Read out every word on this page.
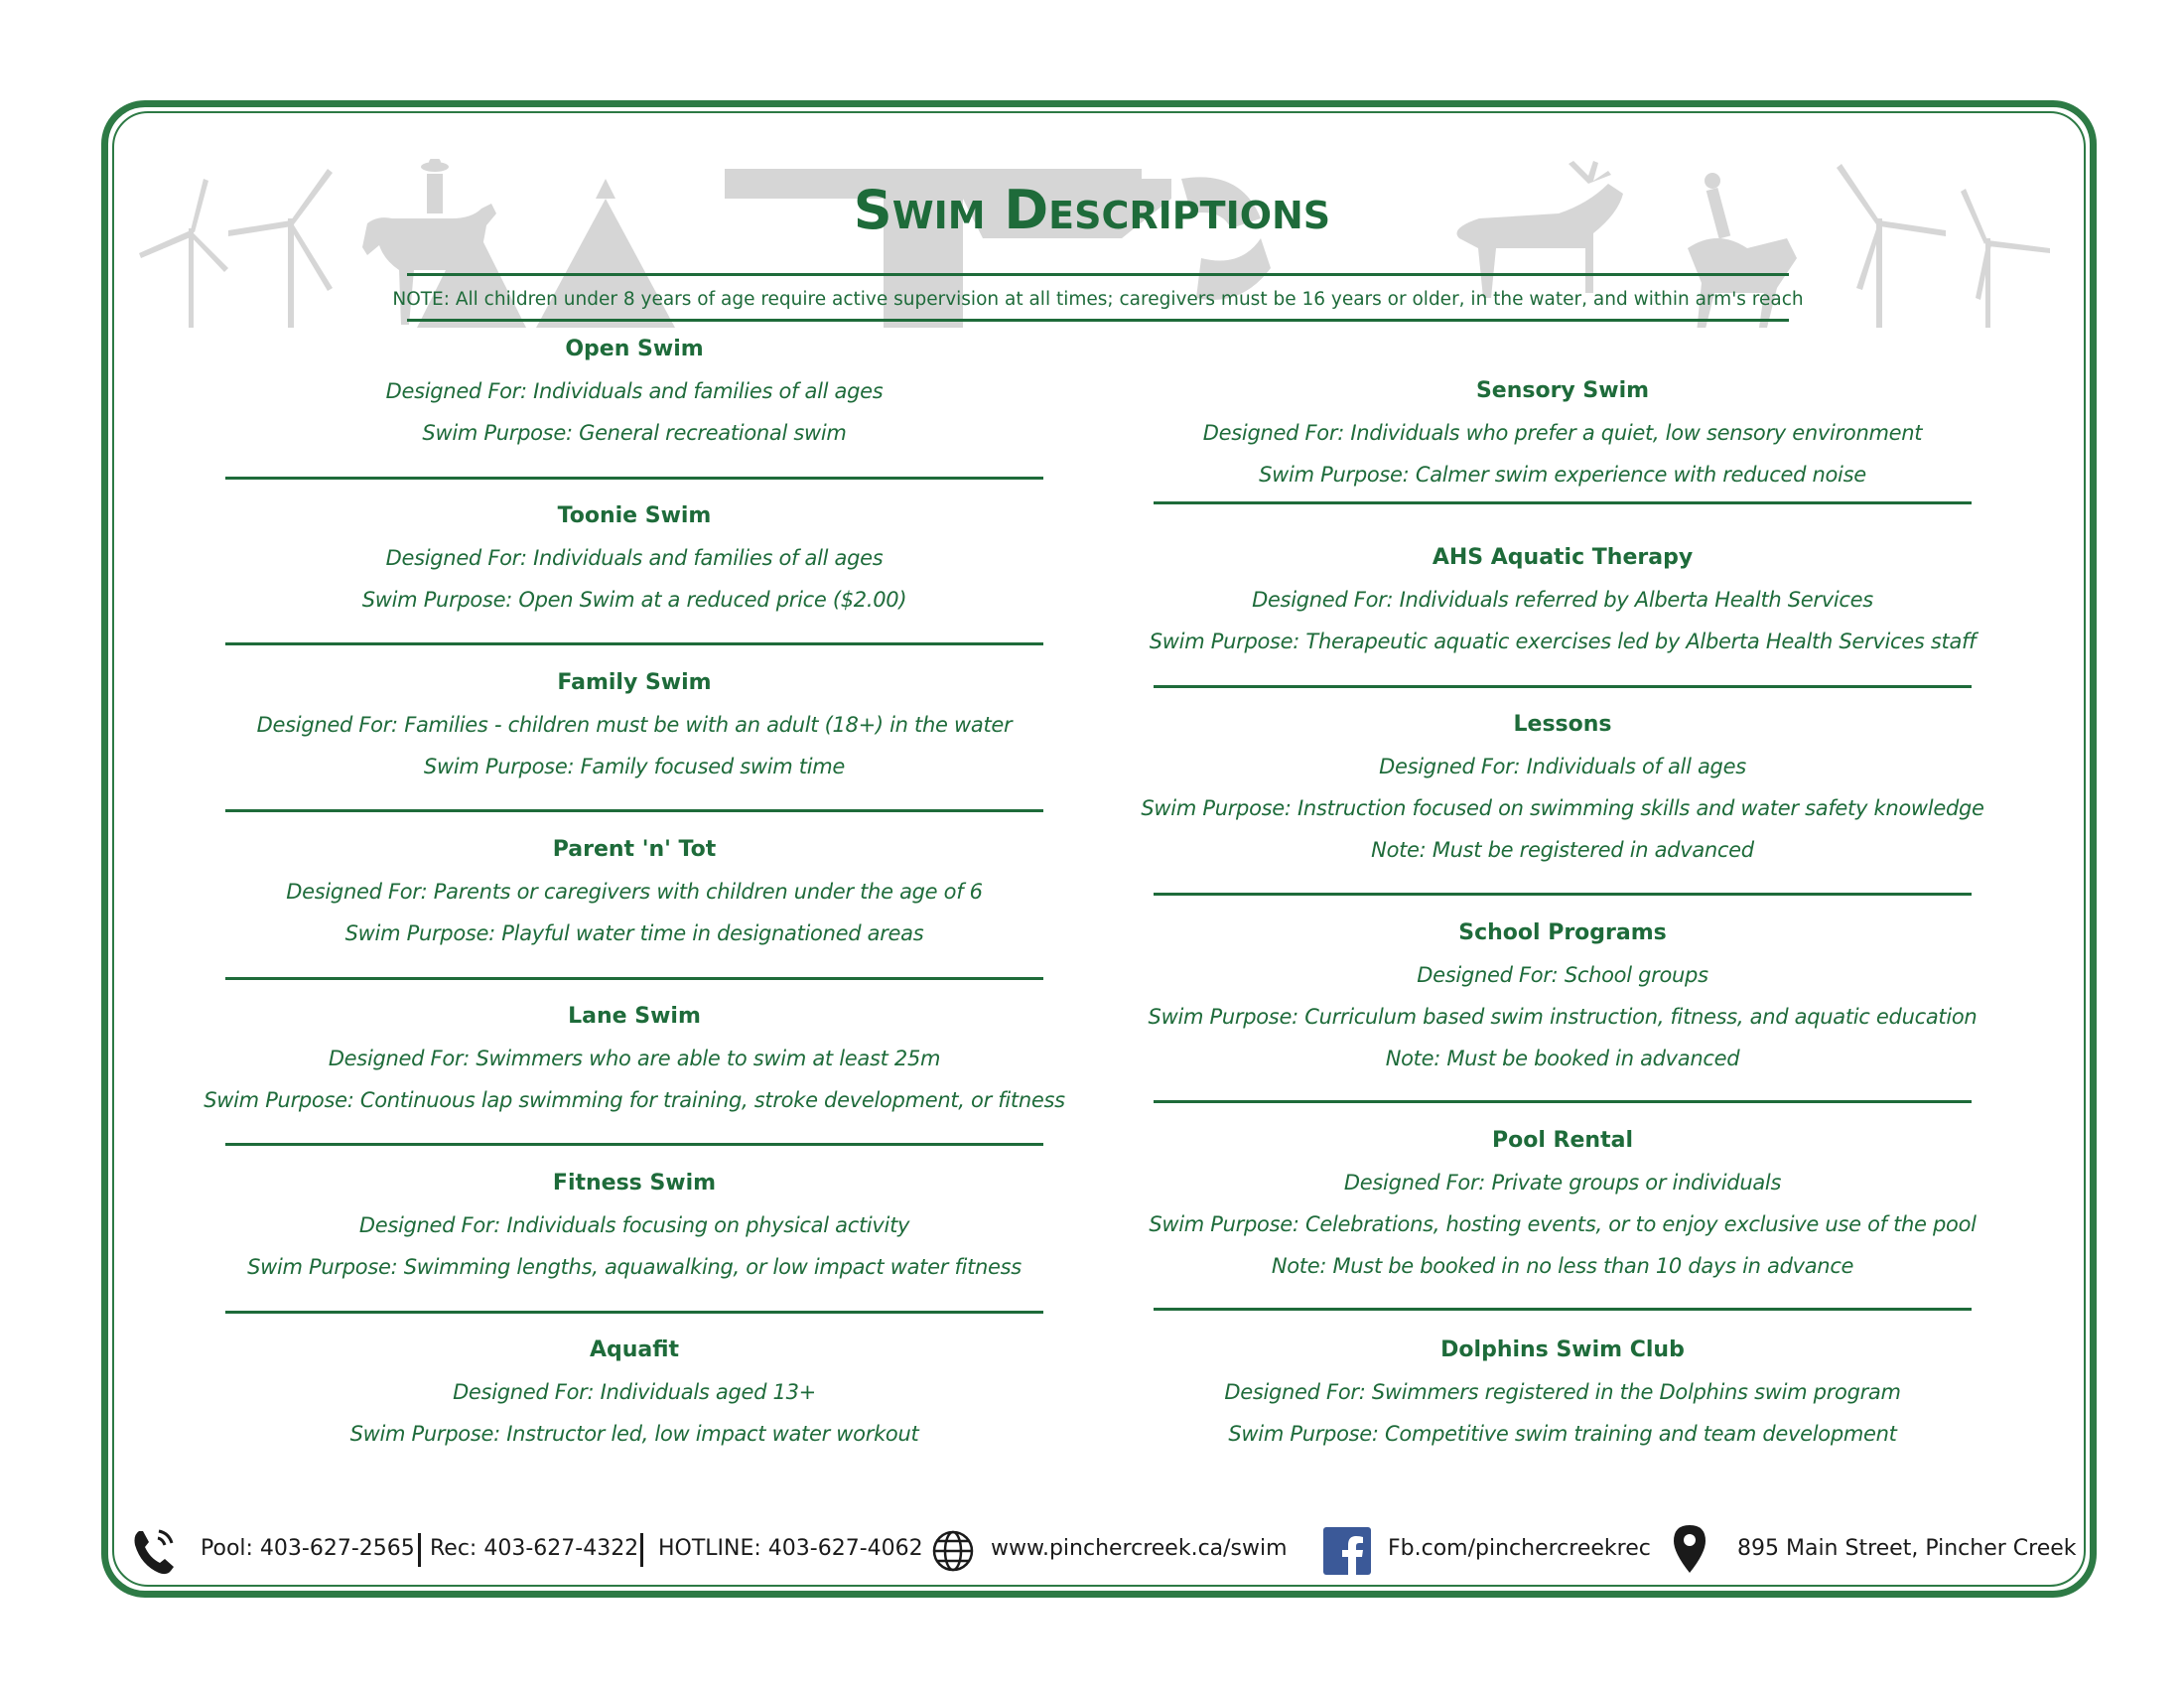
Swim Descriptions
NOTE: All children under 8 years of age require active supervision at all times; caregivers must be 16 years or older, in the water, and within arm's reach
Open Swim
Designed For: Individuals and families of all ages
Swim Purpose: General recreational swim
Toonie Swim
Designed For: Individuals and families of all ages
Swim Purpose: Open Swim at a reduced price ($2.00)
Family Swim
Designed For: Families - children must be with an adult (18+) in the water
Swim Purpose: Family focused swim time
Parent 'n' Tot
Designed For: Parents or caregivers with children under the age of 6
Swim Purpose: Playful water time in designationed areas
Lane Swim
Designed For: Swimmers who are able to swim at least 25m
Swim Purpose: Continuous lap swimming for training, stroke development, or fitness
Fitness Swim
Designed For: Individuals focusing on physical activity
Swim Purpose: Swimming lengths, aquawalking, or low impact water fitness
Aquafit
Designed For: Individuals aged 13+
Swim Purpose: Instructor led, low impact water workout
Sensory Swim
Designed For: Individuals who prefer a quiet, low sensory environment
Swim Purpose: Calmer swim experience with reduced noise
AHS Aquatic Therapy
Designed For: Individuals referred by Alberta Health Services
Swim Purpose: Therapeutic aquatic exercises led by Alberta Health Services staff
Lessons
Designed For: Individuals of all ages
Swim Purpose: Instruction focused on swimming skills and water safety knowledge
Note: Must be registered in advanced
School Programs
Designed For: School groups
Swim Purpose: Curriculum based swim instruction, fitness, and aquatic education
Note: Must be booked in advanced
Pool Rental
Designed For: Private groups or individuals
Swim Purpose: Celebrations, hosting events, or to enjoy exclusive use of the pool
Note: Must be booked in no less than 10 days in advance
Dolphins Swim Club
Designed For: Swimmers registered in the Dolphins swim program
Swim Purpose: Competitive swim training and team development
Pool: 403-627-2565 Rec: 403-627-4322 HOTLINE: 403-627-4062	www.pinchercreek.ca/swim	Fb.com/pinchercreekrec	895 Main Street, Pincher Creek
